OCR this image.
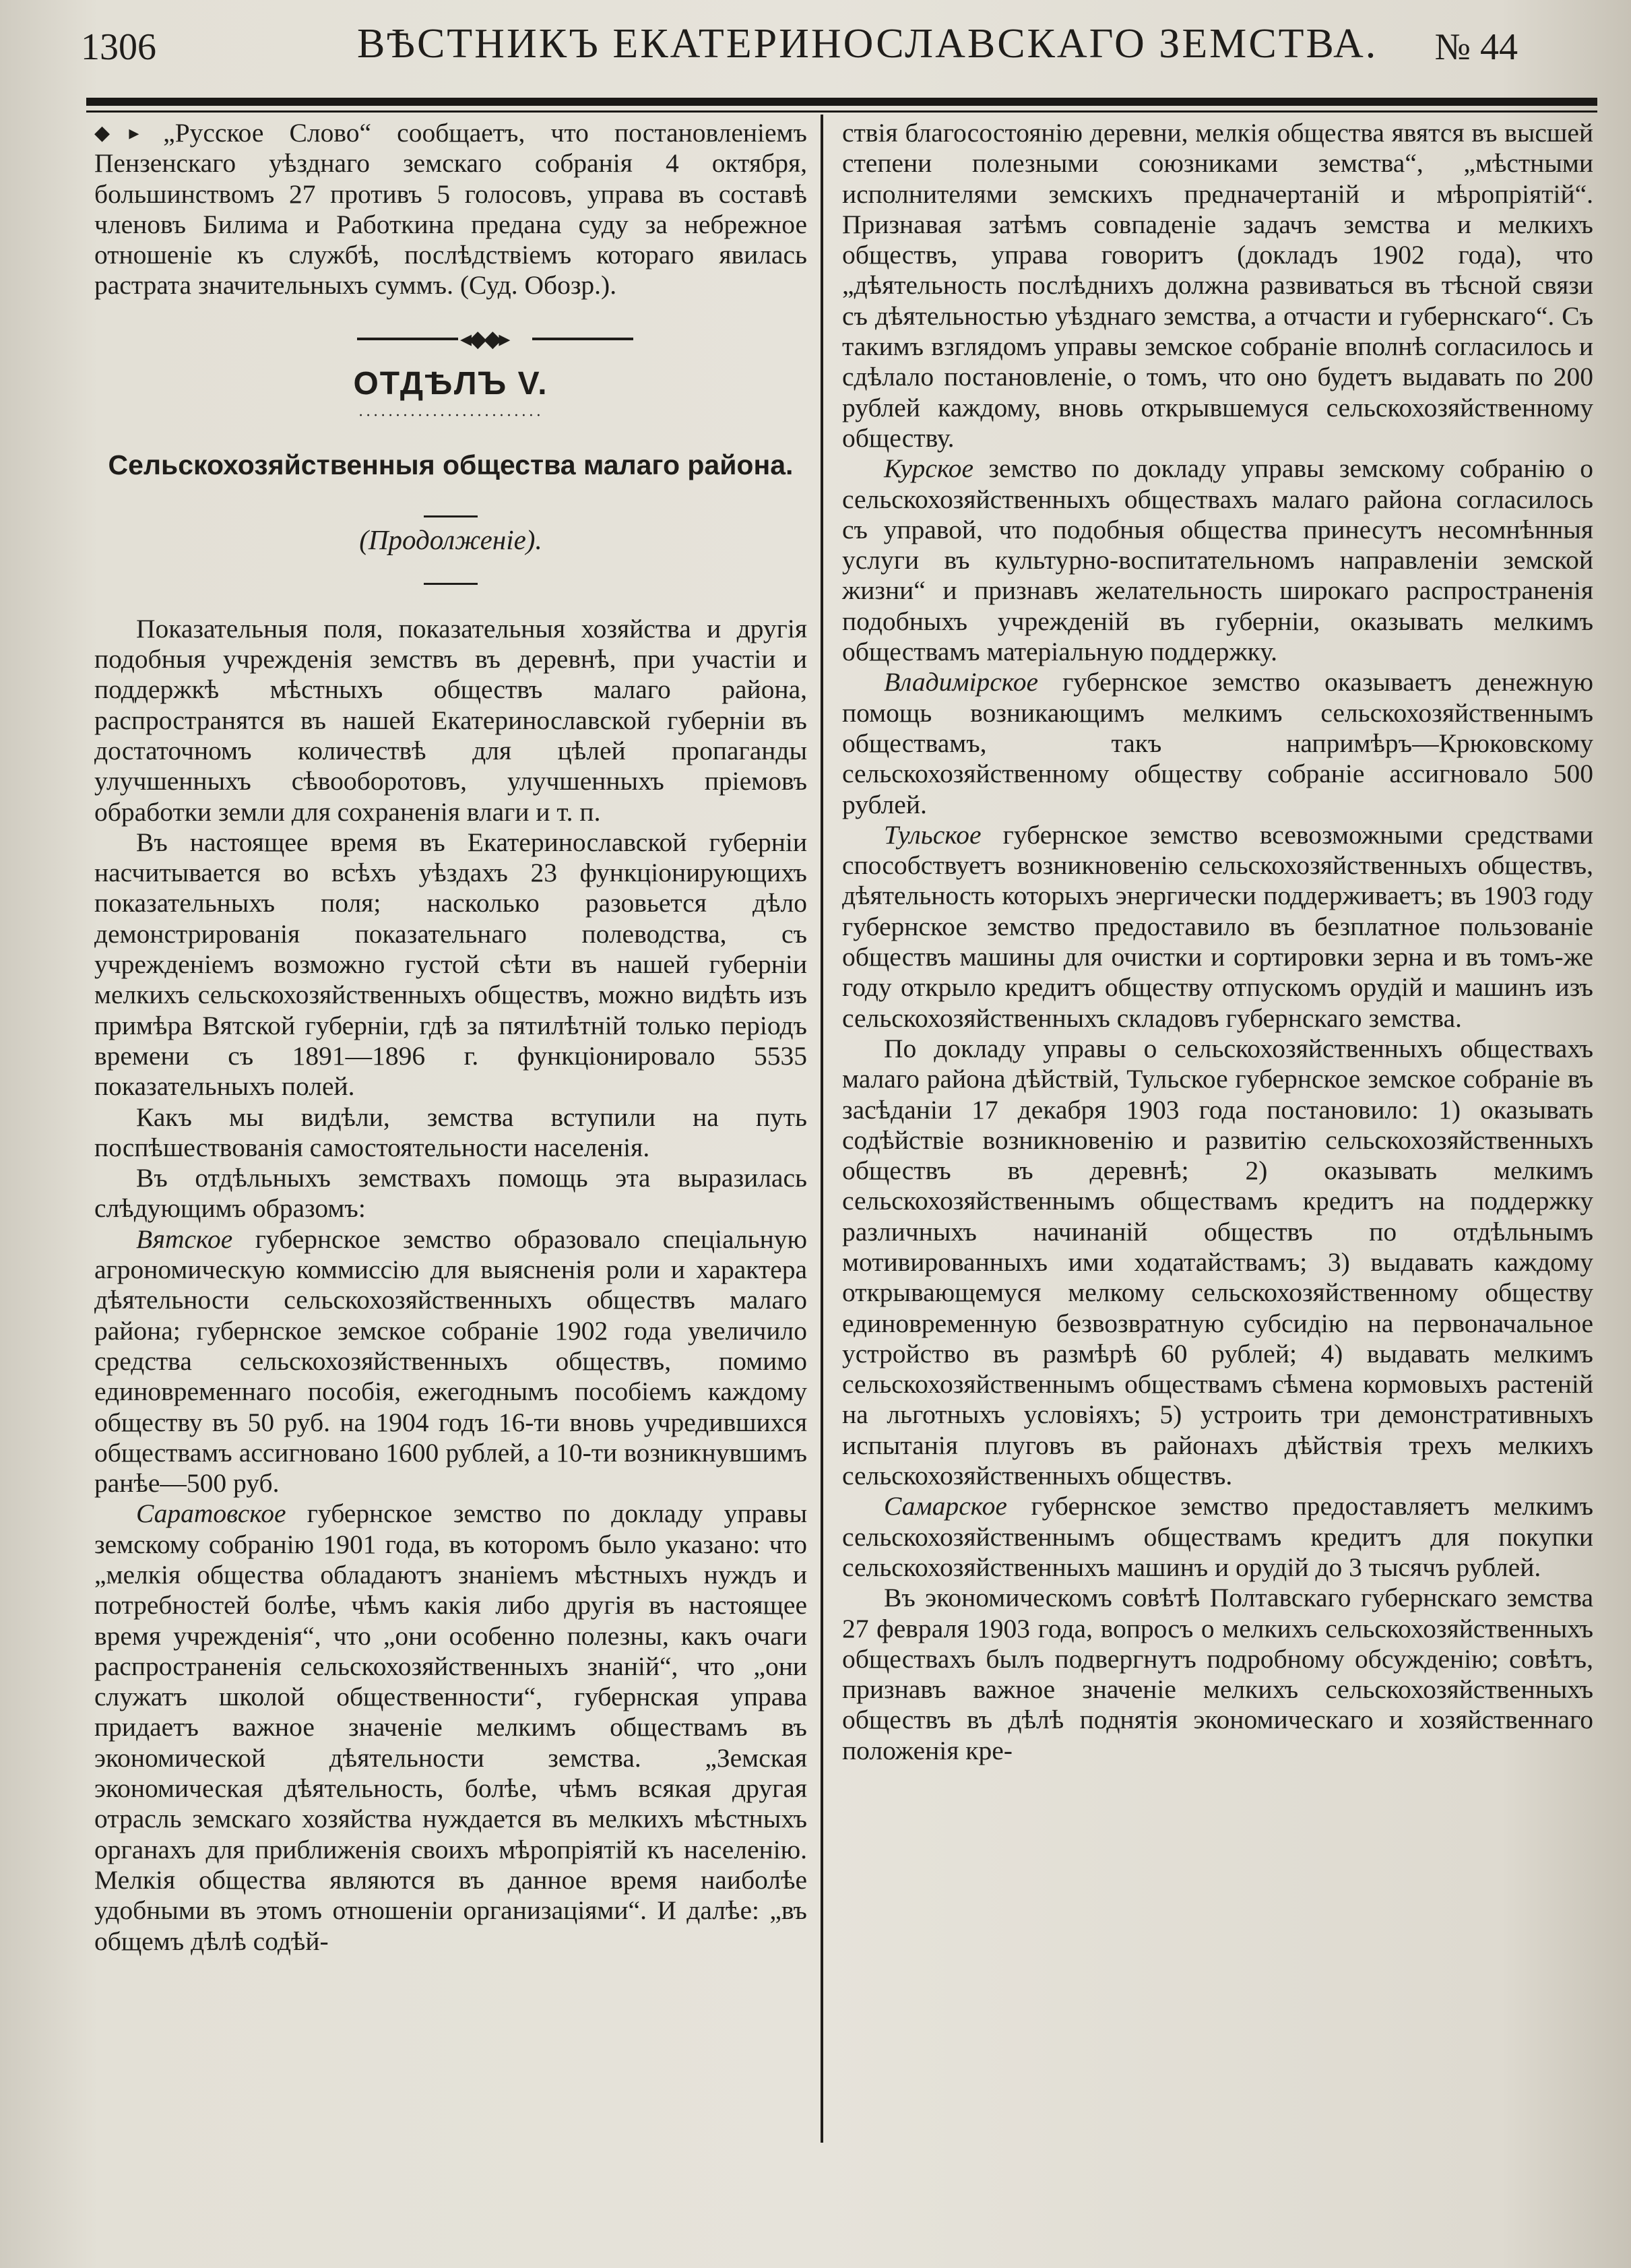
1306	ВѢСТНИКЪ ЕКАТЕРИНОСЛАВСКАГО ЗЕМСТВА. № 44

◆▸ „Русское Слово“ сообщаетъ, что постановленіемъ Пензенскаго уѣзднаго земскаго собранія 4 октября, большинствомъ 27 противъ 5 голосовъ, управа въ составѣ членовъ Билима и Работкина предана суду за небрежное отношеніе къ службѣ, послѣдствіемъ котораго явилась растрата значительныхъ суммъ. (Суд. Обозр.).

◂◆◆▸
ОТДѢЛЪ V.
·························
Сельскохозяйственныя общества малаго района.
(Продолженіе).

Показательныя поля, показательныя хозяйства и другія подобныя учрежденія земствъ въ деревнѣ, при участіи и поддержкѣ мѣстныхъ обществъ малаго района, распространятся въ нашей Екатеринославской губерніи въ достаточномъ количествѣ для цѣлей пропаганды улучшенныхъ сѣвооборотовъ, улучшенныхъ пріемовъ обработки земли для сохраненія влаги и т. п.

Въ настоящее время въ Екатеринославской губерніи насчитывается во всѣхъ уѣздахъ 23 функціонирующихъ показательныхъ поля; насколько разовьется дѣло демонстрированія показательнаго полеводства, съ учрежденіемъ возможно густой сѣти въ нашей губерніи мелкихъ сельскохозяйственныхъ обществъ, можно видѣть изъ примѣра Вятской губерніи, гдѣ за пятилѣтній только періодъ времени съ 1891—1896 г. функціонировало 5535 показательныхъ полей.

Какъ мы видѣли, земства вступили на путь поспѣшествованія самостоятельности населенія.

Въ отдѣльныхъ земствахъ помощь эта выразилась слѣдующимъ образомъ:

Вятское губернское земство образовало спеціальную агрономическую коммиссію для выясненія роли и характера дѣятельности сельскохозяйственныхъ обществъ малаго района; губернское земское собраніе 1902 года увеличило средства сельскохозяйственныхъ обществъ, помимо единовременнаго пособія, ежегоднымъ пособіемъ каждому обществу въ 50 руб. на 1904 годъ 16-ти вновь учредившихся обществамъ ассигновано 1600 рублей, а 10-ти возникнувшимъ ранѣе—500 руб.

Саратовское губернское земство по докладу управы земскому собранію 1901 года, въ которомъ было указано: что „мелкія общества обладаютъ знаніемъ мѣстныхъ нуждъ и потребностей болѣе, чѣмъ какія либо другія въ настоящее время учрежденія“, что „они особенно полезны, какъ очаги распространенія сельскохозяйственныхъ знаній“, что „они служатъ школой общественности“, губернская управа придаетъ важное значеніе мелкимъ обществамъ въ экономической дѣятельности земства. „Земская экономическая дѣятельность, болѣе, чѣмъ всякая другая отрасль земскаго хозяйства нуждается въ мелкихъ мѣстныхъ органахъ для приближенія своихъ мѣропріятій къ населенію. Мелкія общества являются въ данное время наиболѣе удобными въ этомъ отношеніи организаціями“. И далѣе: „въ общемъ дѣлѣ содѣй-

ствія благосостоянію деревни, мелкія общества явятся въ высшей степени полезными союзниками земства“, „мѣстными исполнителями земскихъ предначертаній и мѣропріятій“. Признавая затѣмъ совпаденіе задачъ земства и мелкихъ обществъ, управа говоритъ (докладъ 1902 года), что „дѣятельность послѣднихъ должна развиваться въ тѣсной связи съ дѣятельностью уѣзднаго земства, а отчасти и губернскаго“. Съ такимъ взглядомъ управы земское собраніе вполнѣ согласилось и сдѣлало постановленіе, о томъ, что оно будетъ выдавать по 200 рублей каждому, вновь открывшемуся сельскохозяйственному обществу.

Курское земство по докладу управы земскому собранію о сельскохозяйственныхъ обществахъ малаго района согласилось съ управой, что подобныя общества принесутъ несомнѣнныя услуги въ культурно-воспитательномъ направленіи земской жизни“ и признавъ желательность широкаго распространенія подобныхъ учрежденій въ губерніи, оказывать мелкимъ обществамъ матеріальную поддержку.

Владимірское губернское земство оказываетъ денежную помощь возникающимъ мелкимъ сельскохозяйственнымъ обществамъ, такъ напримѣръ—Крюковскому сельскохозяйственному обществу собраніе ассигновало 500 рублей.

Тульское губернское земство всевозможными средствами способствуетъ возникновенію сельскохозяйственныхъ обществъ, дѣятельность которыхъ энергически поддерживаетъ; въ 1903 году губернское земство предоставило въ безплатное пользованіе обществъ машины для очистки и сортировки зерна и въ томъ-же году открыло кредитъ обществу отпускомъ орудій и машинъ изъ сельскохозяйственныхъ складовъ губернскаго земства.

По докладу управы о сельскохозяйственныхъ обществахъ малаго района дѣйствій, Тульское губернское земское собраніе въ засѣданіи 17 декабря 1903 года постановило: 1) оказывать содѣйствіе возникновенію и развитію сельскохозяйственныхъ обществъ въ деревнѣ; 2) оказывать мелкимъ сельскохозяйственнымъ обществамъ кредитъ на поддержку различныхъ начинаній обществъ по отдѣльнымъ мотивированныхъ ими ходатайствамъ; 3) выдавать каждому открывающемуся мелкому сельскохозяйственному обществу единовременную безвозвратную субсидію на первоначальное устройство въ размѣрѣ 60 рублей; 4) выдавать мелкимъ сельскохозяйственнымъ обществамъ сѣмена кормовыхъ растеній на льготныхъ условіяхъ; 5) устроить три демонстративныхъ испытанія плуговъ въ районахъ дѣйствія трехъ мелкихъ сельскохозяйственныхъ обществъ.

Самарское губернское земство предоставляетъ мелкимъ сельскохозяйственнымъ обществамъ кредитъ для покупки сельскохозяйственныхъ машинъ и орудій до 3 тысячъ рублей.

Въ экономическомъ совѣтѣ Полтавскаго губернскаго земства 27 февраля 1903 года, вопросъ о мелкихъ сельскохозяйственныхъ обществахъ былъ подвергнутъ подробному обсужденію; совѣтъ, признавъ важное значеніе мелкихъ сельскохозяйственныхъ обществъ въ дѣлѣ поднятія экономическаго и хозяйственнаго положенія кре-
